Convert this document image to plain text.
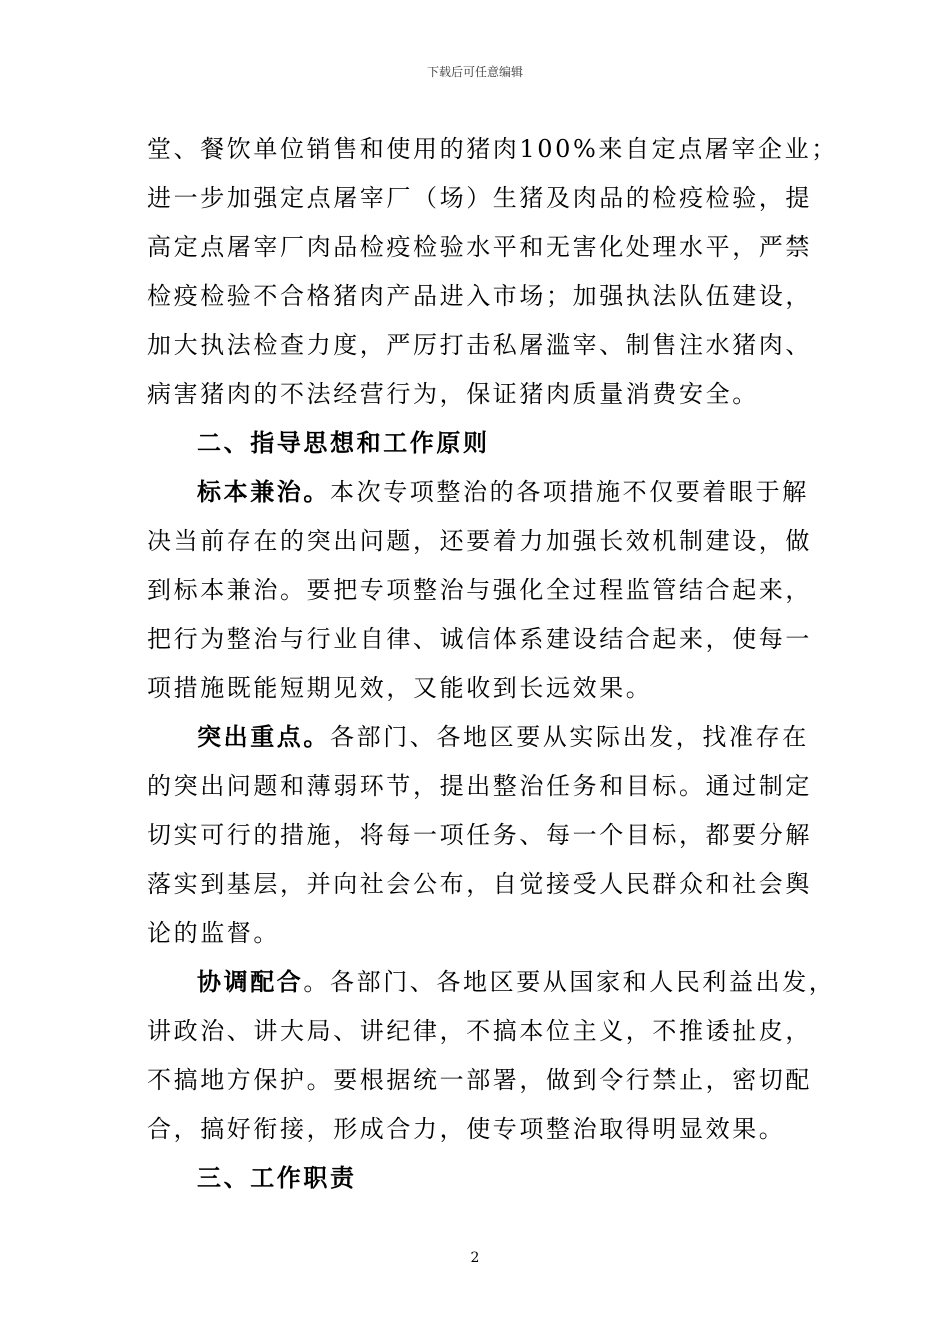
下载后可任意编辑
堂、餐饮单位销售和使用的猪肉100%来自定点屠宰企业；
进一步加强定点屠宰厂（场）生猪及肉品的检疫检验，提
高定点屠宰厂肉品检疫检验水平和无害化处理水平，严禁
检疫检验不合格猪肉产品进入市场；加强执法队伍建设，
加大执法检查力度，严厉打击私屠滥宰、制售注水猪肉、
病害猪肉的不法经营行为，保证猪肉质量消费安全。
二、指导思想和工作原则
标本兼治。本次专项整治的各项措施不仅要着眼于解
决当前存在的突出问题，还要着力加强长效机制建设，做
到标本兼治。要把专项整治与强化全过程监管结合起来，
把行为整治与行业自律、诚信体系建设结合起来，使每一
项措施既能短期见效，又能收到长远效果。
突出重点。各部门、各地区要从实际出发，找准存在
的突出问题和薄弱环节，提出整治任务和目标。通过制定
切实可行的措施，将每一项任务、每一个目标，都要分解
落实到基层，并向社会公布，自觉接受人民群众和社会舆
论的监督。
协调配合。各部门、各地区要从国家和人民利益出发，
讲政治、讲大局、讲纪律，不搞本位主义，不推诿扯皮，
不搞地方保护。要根据统一部署，做到令行禁止，密切配
合，搞好衔接，形成合力，使专项整治取得明显效果。
三、工作职责
2
